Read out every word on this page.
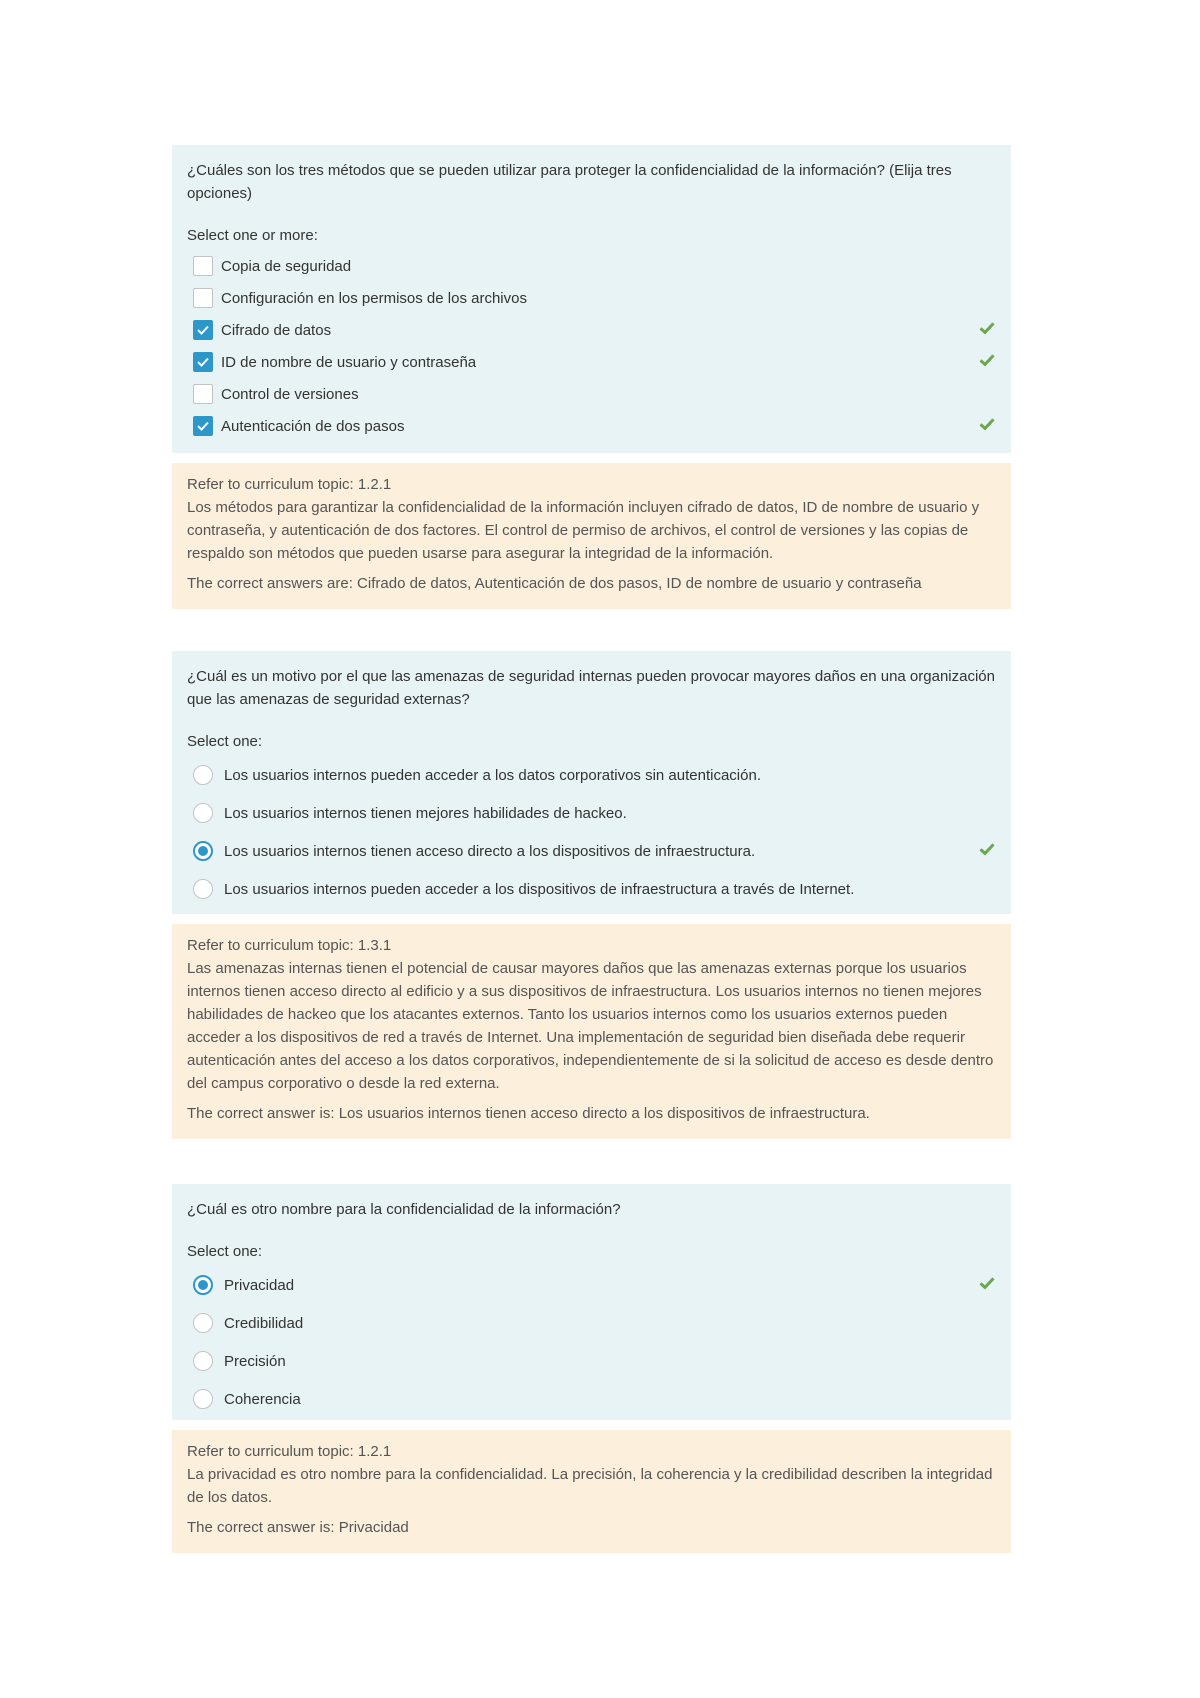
¿Cuáles son los tres métodos que se pueden utilizar para proteger la confidencialidad de la información? (Elija tres opciones)

Select one or more:
Copia de seguridad
Configuración en los permisos de los archivos
Cifrado de datos
ID de nombre de usuario y contraseña
Control de versiones
Autenticación de dos pasos

Refer to curriculum topic: 1.2.1

Los métodos para garantizar la confidencialidad de la información incluyen cifrado de datos, ID de nombre de usuario y contraseña, y autenticación de dos factores. El control de permiso de archivos, el control de versiones y las copias de respaldo son métodos que pueden usarse para asegurar la integridad de la información.

The correct answers are: Cifrado de datos, Autenticación de dos pasos, ID de nombre de usuario y contraseña

¿Cuál es un motivo por el que las amenazas de seguridad internas pueden provocar mayores daños en una organización que las amenazas de seguridad externas?

Select one:
Los usuarios internos pueden acceder a los datos corporativos sin autenticación.
Los usuarios internos tienen mejores habilidades de hackeo.
Los usuarios internos tienen acceso directo a los dispositivos de infraestructura.
Los usuarios internos pueden acceder a los dispositivos de infraestructura a través de Internet.

Refer to curriculum topic: 1.3.1

Las amenazas internas tienen el potencial de causar mayores daños que las amenazas externas porque los usuarios internos tienen acceso directo al edificio y a sus dispositivos de infraestructura. Los usuarios internos no tienen mejores habilidades de hackeo que los atacantes externos. Tanto los usuarios internos como los usuarios externos pueden acceder a los dispositivos de red a través de Internet. Una implementación de seguridad bien diseñada debe requerir autenticación antes del acceso a los datos corporativos, independientemente de si la solicitud de acceso es desde dentro del campus corporativo o desde la red externa.

The correct answer is: Los usuarios internos tienen acceso directo a los dispositivos de infraestructura.

¿Cuál es otro nombre para la confidencialidad de la información?

Select one:
Privacidad
Credibilidad
Precisión
Coherencia

Refer to curriculum topic: 1.2.1

La privacidad es otro nombre para la confidencialidad. La precisión, la coherencia y la credibilidad describen la integridad de los datos.

The correct answer is: Privacidad
